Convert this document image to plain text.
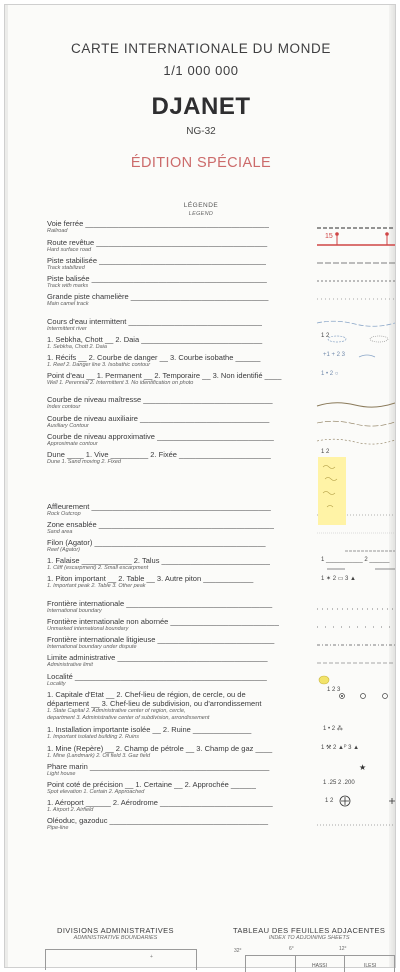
CARTE INTERNATIONALE DU MONDE
1/1 000 000
DJANET
NG-32
ÉDITION SPÉCIALE
LÉGENDE
LEGEND
Voie ferrée ____________________________________________
Railroad
Route revêtue _________________________________________
Hard surface road
Piste stabilisée ________________________________________
Track stabilized
Piste balisée __________________________________________
Track with marks
Grande piste chamelière _________________________________
Main camel track
Cours d'eau intermittent ________________________________
Intermittent river
1. Sebkha, Chott __ 2. Daia _____________________________
1. Sebkha, Chott 2. Daia
1. Récifs __ 2. Courbe de danger __ 3. Courbe isobathe ______
1. Reef 2. Danger line 3. Isobathic contour
Point d'eau __ 1. Permanent __ 2. Temporaire __ 3. Non identifié ____
Well 1. Perennial 2. Intermittent 3. No identification on photo
Courbe de niveau maîtresse _______________________________
Index contour
Courbe de niveau auxiliaire _______________________________
Auxiliary Contour
Courbe de niveau approximative ____________________________
Approximate contour
Dune ____ 1. Vive _________ 2. Fixée ______________________
Dune 1. Sand moving 2. Fixed
Affleurement ___________________________________________
Rock Outcrop
Zone ensablée __________________________________________
Sand area
Filon (Agator) _________________________________________
Reef (Agator)
1. Falaise ____________ 2. Talus __________________________
1. Cliff (escarpment) 2. Small escarpment
1. Piton important __ 2. Table __ 3. Autre piton ____________
1. Important peak 2. Table 3. Other peak
Frontière internationale ___________________________________
International boundary
Frontière internationale non abornée __________________________
Unmarked international boundary
Frontière internationale litigieuse ____________________________
International boundary under dispute
Limite administrative ____________________________________
Administrative limit
Localité ______________________________________________
Locality
1. Capitale d'Etat __ 2. Chef-lieu de région, de cercle, ou de
département __ 3. Chef-lieu de subdivision, ou d'arrondissement
1. State Capital 2. Administrative center of region, cercle,
department 3. Administrative center of subdivision, arrondissement
1. Installation importante isolée __ 2. Ruine ______________
1. Important isolated building 2. Ruins
1. Mine (Repère) __ 2. Champ de pétrole __ 3. Champ de gaz ____
1. Mine (Landmark) 2. Oil field 3. Gaz field
Phare marin ___________________________________________
Light house
Point coté de précision __ 1. Certaine __ 2. Approchée ______
Spot elevation 1. Certain 2. Approached
1. Aéroport ______ 2. Aérodrome ___________________________
1. Airport 2. Airfield
Oléoduc, gazoduc ______________________________________
Pipe-line
★
15
1 2
+1 + 2 3
1 • 2 ○
1 2
1 ___________ 2 ______
1 ✶ 2 ▭ 3 ▲
1 2 3
1 • 2 ⁂
1 ⚒ 2 ▲ᴾ 3 ▲
1 .25 2 .200
1 2
DIVISIONS ADMINISTRATIVES
ADMINISTRATIVE BOUNDARIES
+
TABLEAU DES FEUILLES ADJACENTES
INDEX TO ADJOINING SHEETS
HASSI	ILESI
32°	6°	12°
